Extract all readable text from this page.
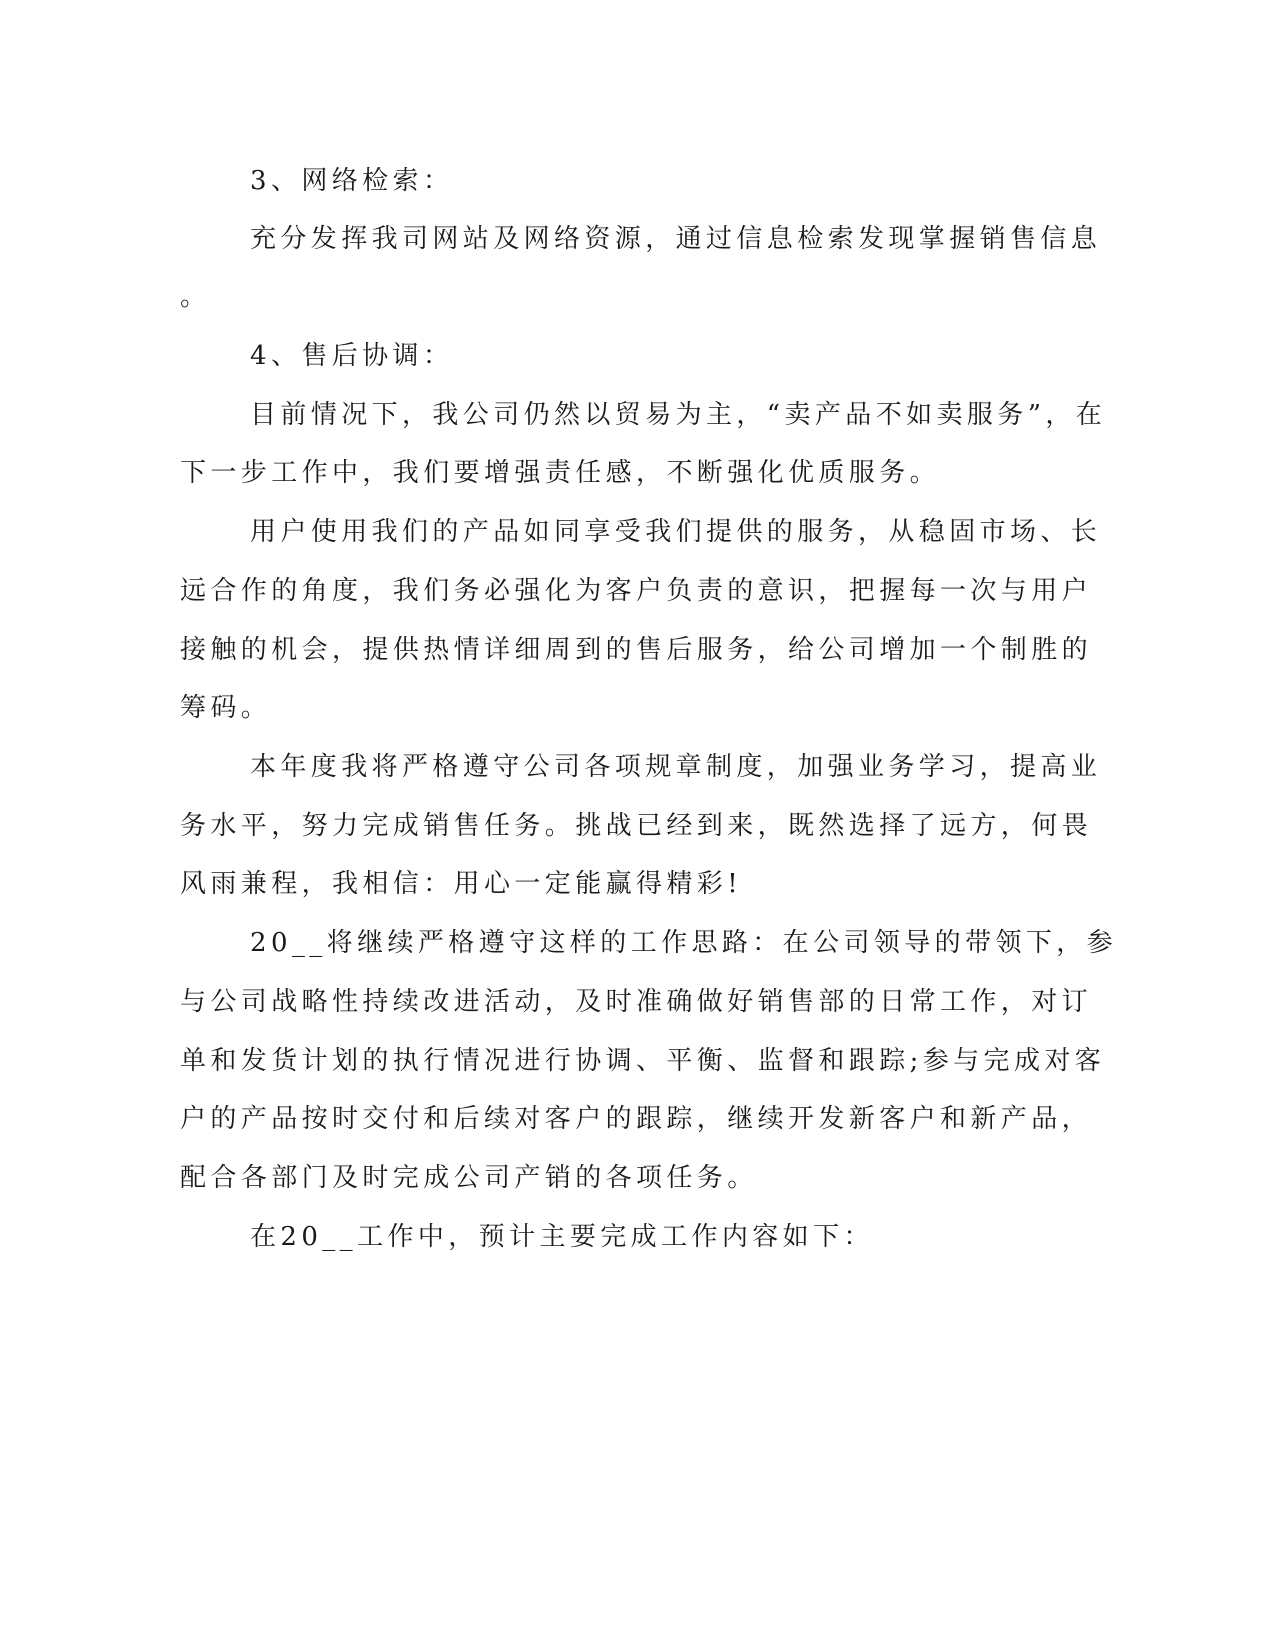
3、网络检索：

充分发挥我司网站及网络资源，通过信息检索发现掌握销售信息

。

4、售后协调：

目前情况下，我公司仍然以贸易为主，“卖产品不如卖服务”，在

下一步工作中，我们要增强责任感，不断强化优质服务。

用户使用我们的产品如同享受我们提供的服务，从稳固市场、长

远合作的角度，我们务必强化为客户负责的意识，把握每一次与用户

接触的机会，提供热情详细周到的售后服务，给公司增加一个制胜的

筹码。

本年度我将严格遵守公司各项规章制度，加强业务学习，提高业

务水平，努力完成销售任务。挑战已经到来，既然选择了远方，何畏

风雨兼程，我相信：用心一定能赢得精彩!

20__将继续严格遵守这样的工作思路：在公司领导的带领下，参

与公司战略性持续改进活动，及时准确做好销售部的日常工作，对订

单和发货计划的执行情况进行协调、平衡、监督和跟踪;参与完成对客

户的产品按时交付和后续对客户的跟踪，继续开发新客户和新产品，

配合各部门及时完成公司产销的各项任务。

在20__工作中，预计主要完成工作内容如下：
